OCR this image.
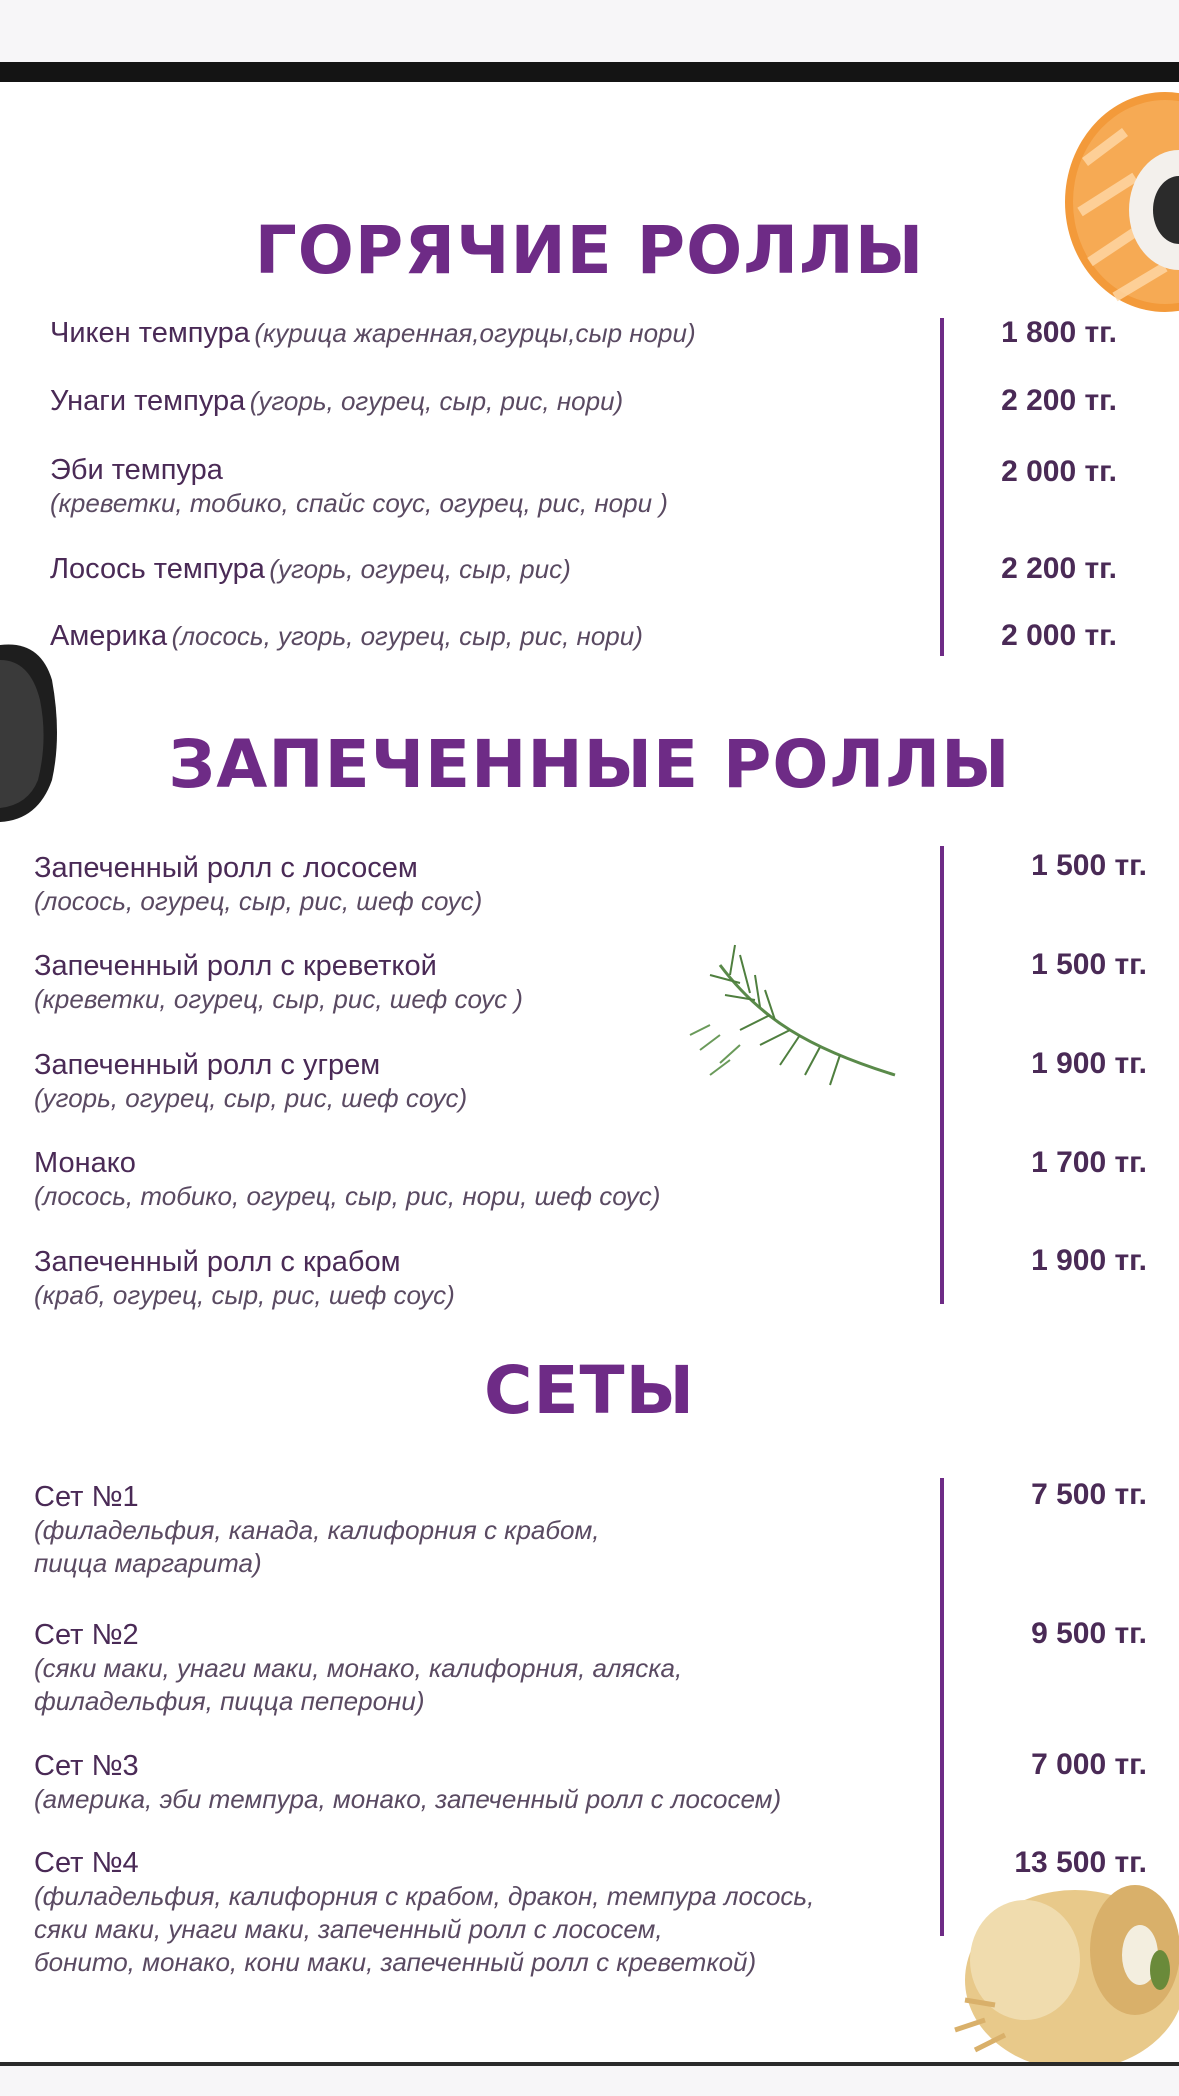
ГОРЯЧИЕ РОЛЛЫ
Чикен темпура (курица жаренная,огурцы,сыр нори)	1 800 тг.
Унаги темпура (угорь, огурец, сыр, рис, нори)	2 200 тг.
Эби темпура
(креветки, тобико, спайс соус, огурец, рис, нори )
2 000 тг.
Лосось темпура (угорь, огурец, сыр, рис)	2 200 тг.
Америка (лосось, угорь, огурец, сыр, рис, нори)	2 000 тг.
ЗАПЕЧЕННЫЕ РОЛЛЫ
Запеченный ролл с лососем
(лосось, огурец, сыр, рис, шеф соус)
1 500 тг.
Запеченный ролл с креветкой
(креветки, огурец, сыр, рис, шеф соус )
1 500 тг.
Запеченный ролл с угрем
(угорь, огурец, сыр, рис, шеф соус)
1 900 тг.
Монако
(лосось, тобико, огурец, сыр, рис, нори, шеф соус)
1 700 тг.
Запеченный ролл с крабом
(краб, огурец, сыр, рис, шеф соус)
1 900 тг.
СЕТЫ
Сет №1
(филадельфия, канада, калифорния с крабом,
пицца маргарита)
7 500 тг.
Сет №2
(сяки маки, унаги маки, монако, калифорния, аляска,
филадельфия, пицца пеперони)
9 500 тг.
Сет №3
(америка, эби темпура, монако, запеченный ролл с лососем)
7 000 тг.
Сет №4
(филадельфия, калифорния с крабом, дракон, темпура лосось,
сяки маки, унаги маки, запеченный ролл с лососем,
бонито, монако, кони маки, запеченный ролл с креветкой)
13 500 тг.
